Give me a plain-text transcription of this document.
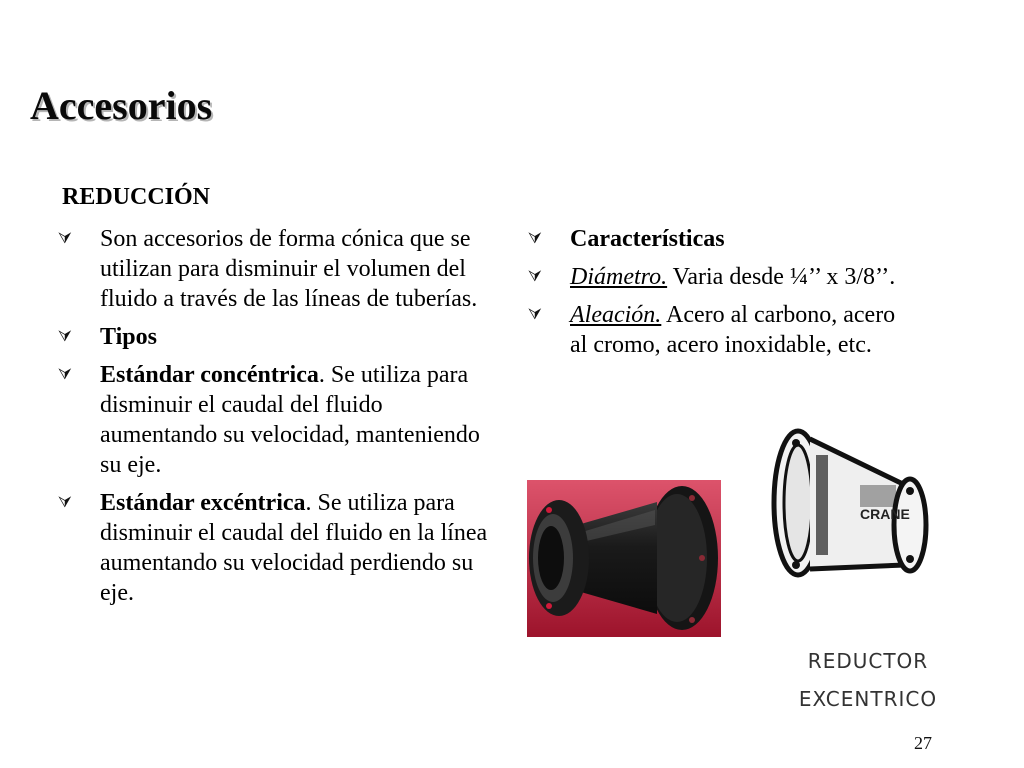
Accesorios
REDUCCIÓN
⮛	Son accesorios de forma cónica que se utilizan para disminuir el volumen del fluido a través de las líneas de tuberías.
⮛	Tipos
⮛	Estándar concéntrica. Se utiliza para disminuir el caudal del fluido aumentando su velocidad, manteniendo su eje.
⮛	Estándar excéntrica. Se utiliza para disminuir el caudal del fluido en la línea aumentando su velocidad perdiendo su eje.
⮛	Características
⮛	Diámetro. Varia desde ¼’’ x 3/8’’.
⮛	Aleación. Acero al carbono, acero al cromo, acero inoxidable, etc.
CRANE
REDUCTOR
EXCENTRICO
27
